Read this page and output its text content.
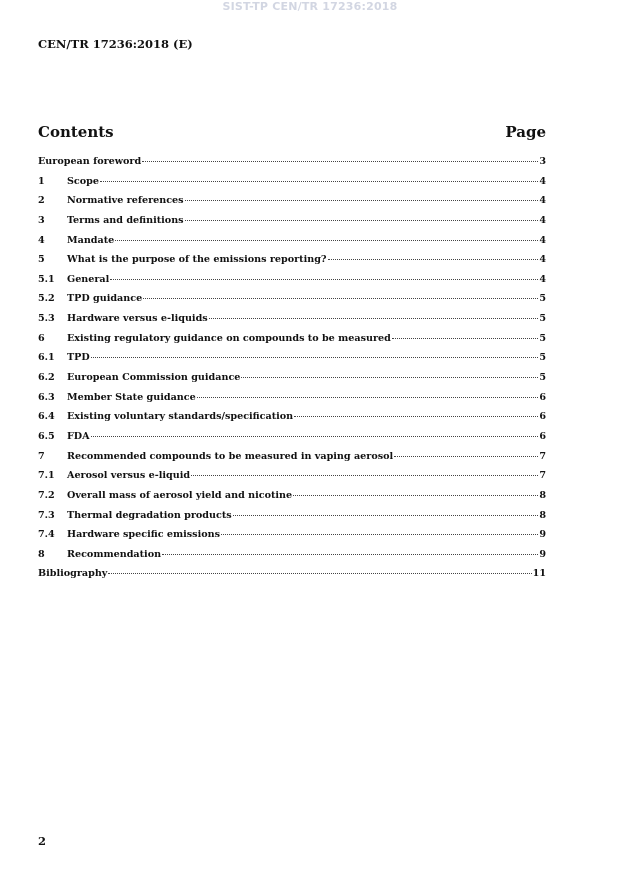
SIST-TP CEN/TR 17236:2018
CEN/TR 17236:2018 (E)
Contents	Page
European foreword	3
1	Scope	4
2	Normative references	4
3	Terms and definitions	4
4	Mandate	4
5	What is the purpose of the emissions reporting?	4
5.1	General	4
5.2	TPD guidance	5
5.3	Hardware versus e-liquids	5
6	Existing regulatory guidance on compounds to be measured	5
6.1	TPD	5
6.2	European Commission guidance	5
6.3	Member State guidance	6
6.4	Existing voluntary standards/specification	6
6.5	FDA	6
7	Recommended compounds to be measured in vaping aerosol	7
7.1	Aerosol versus e-liquid	7
7.2	Overall mass of aerosol yield and nicotine	8
7.3	Thermal degradation products	8
7.4	Hardware specific emissions	9
8	Recommendation	9
Bibliography	11
2
